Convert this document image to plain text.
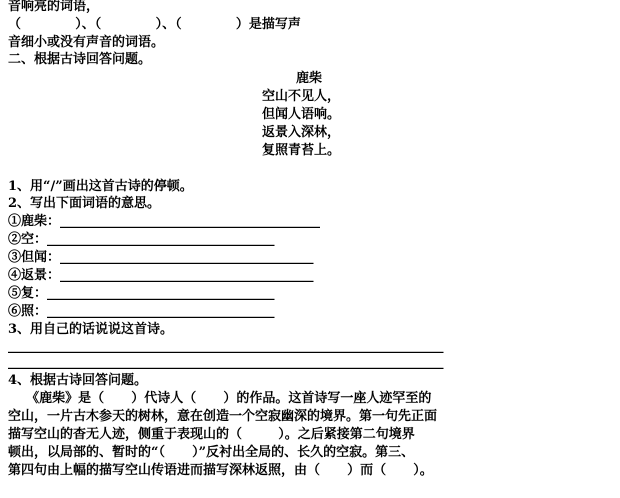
音响亮的词语，
（            ）、（            ）、（            ）是描写声
音细小或没有声音的词语。
二、根据古诗回答问题。
鹿柴
空山不见人，
但闻人语响。
返景入深林，
复照青苔上。
1、用“/”画出这首古诗的停顿。
2、写出下面词语的意思。
①鹿柴：________________________________________
②空：___________________________________
③但闻：_______________________________________
④返景：_______________________________________
⑤复：___________________________________
⑥照：___________________________________
3、用自己的话说说这首诗。
___________________________________________________________________
___________________________________________________________________
4、根据古诗回答问题。
《鹿柴》是（      ）代诗人（      ）的作品。这首诗写一座人迹罕至的
空山，一片古木参天的树林，意在创造一个空寂幽深的境界。第一句先正面
描写空山的杳无人迹，侧重于表现山的（        ）。之后紧接第二句境界
顿出，以局部的、暂时的“（      ）”反衬出全局的、长久的空寂。第三、
第四句由上幅的描写空山传语进而描写深林返照，由（      ）而（      ）。
